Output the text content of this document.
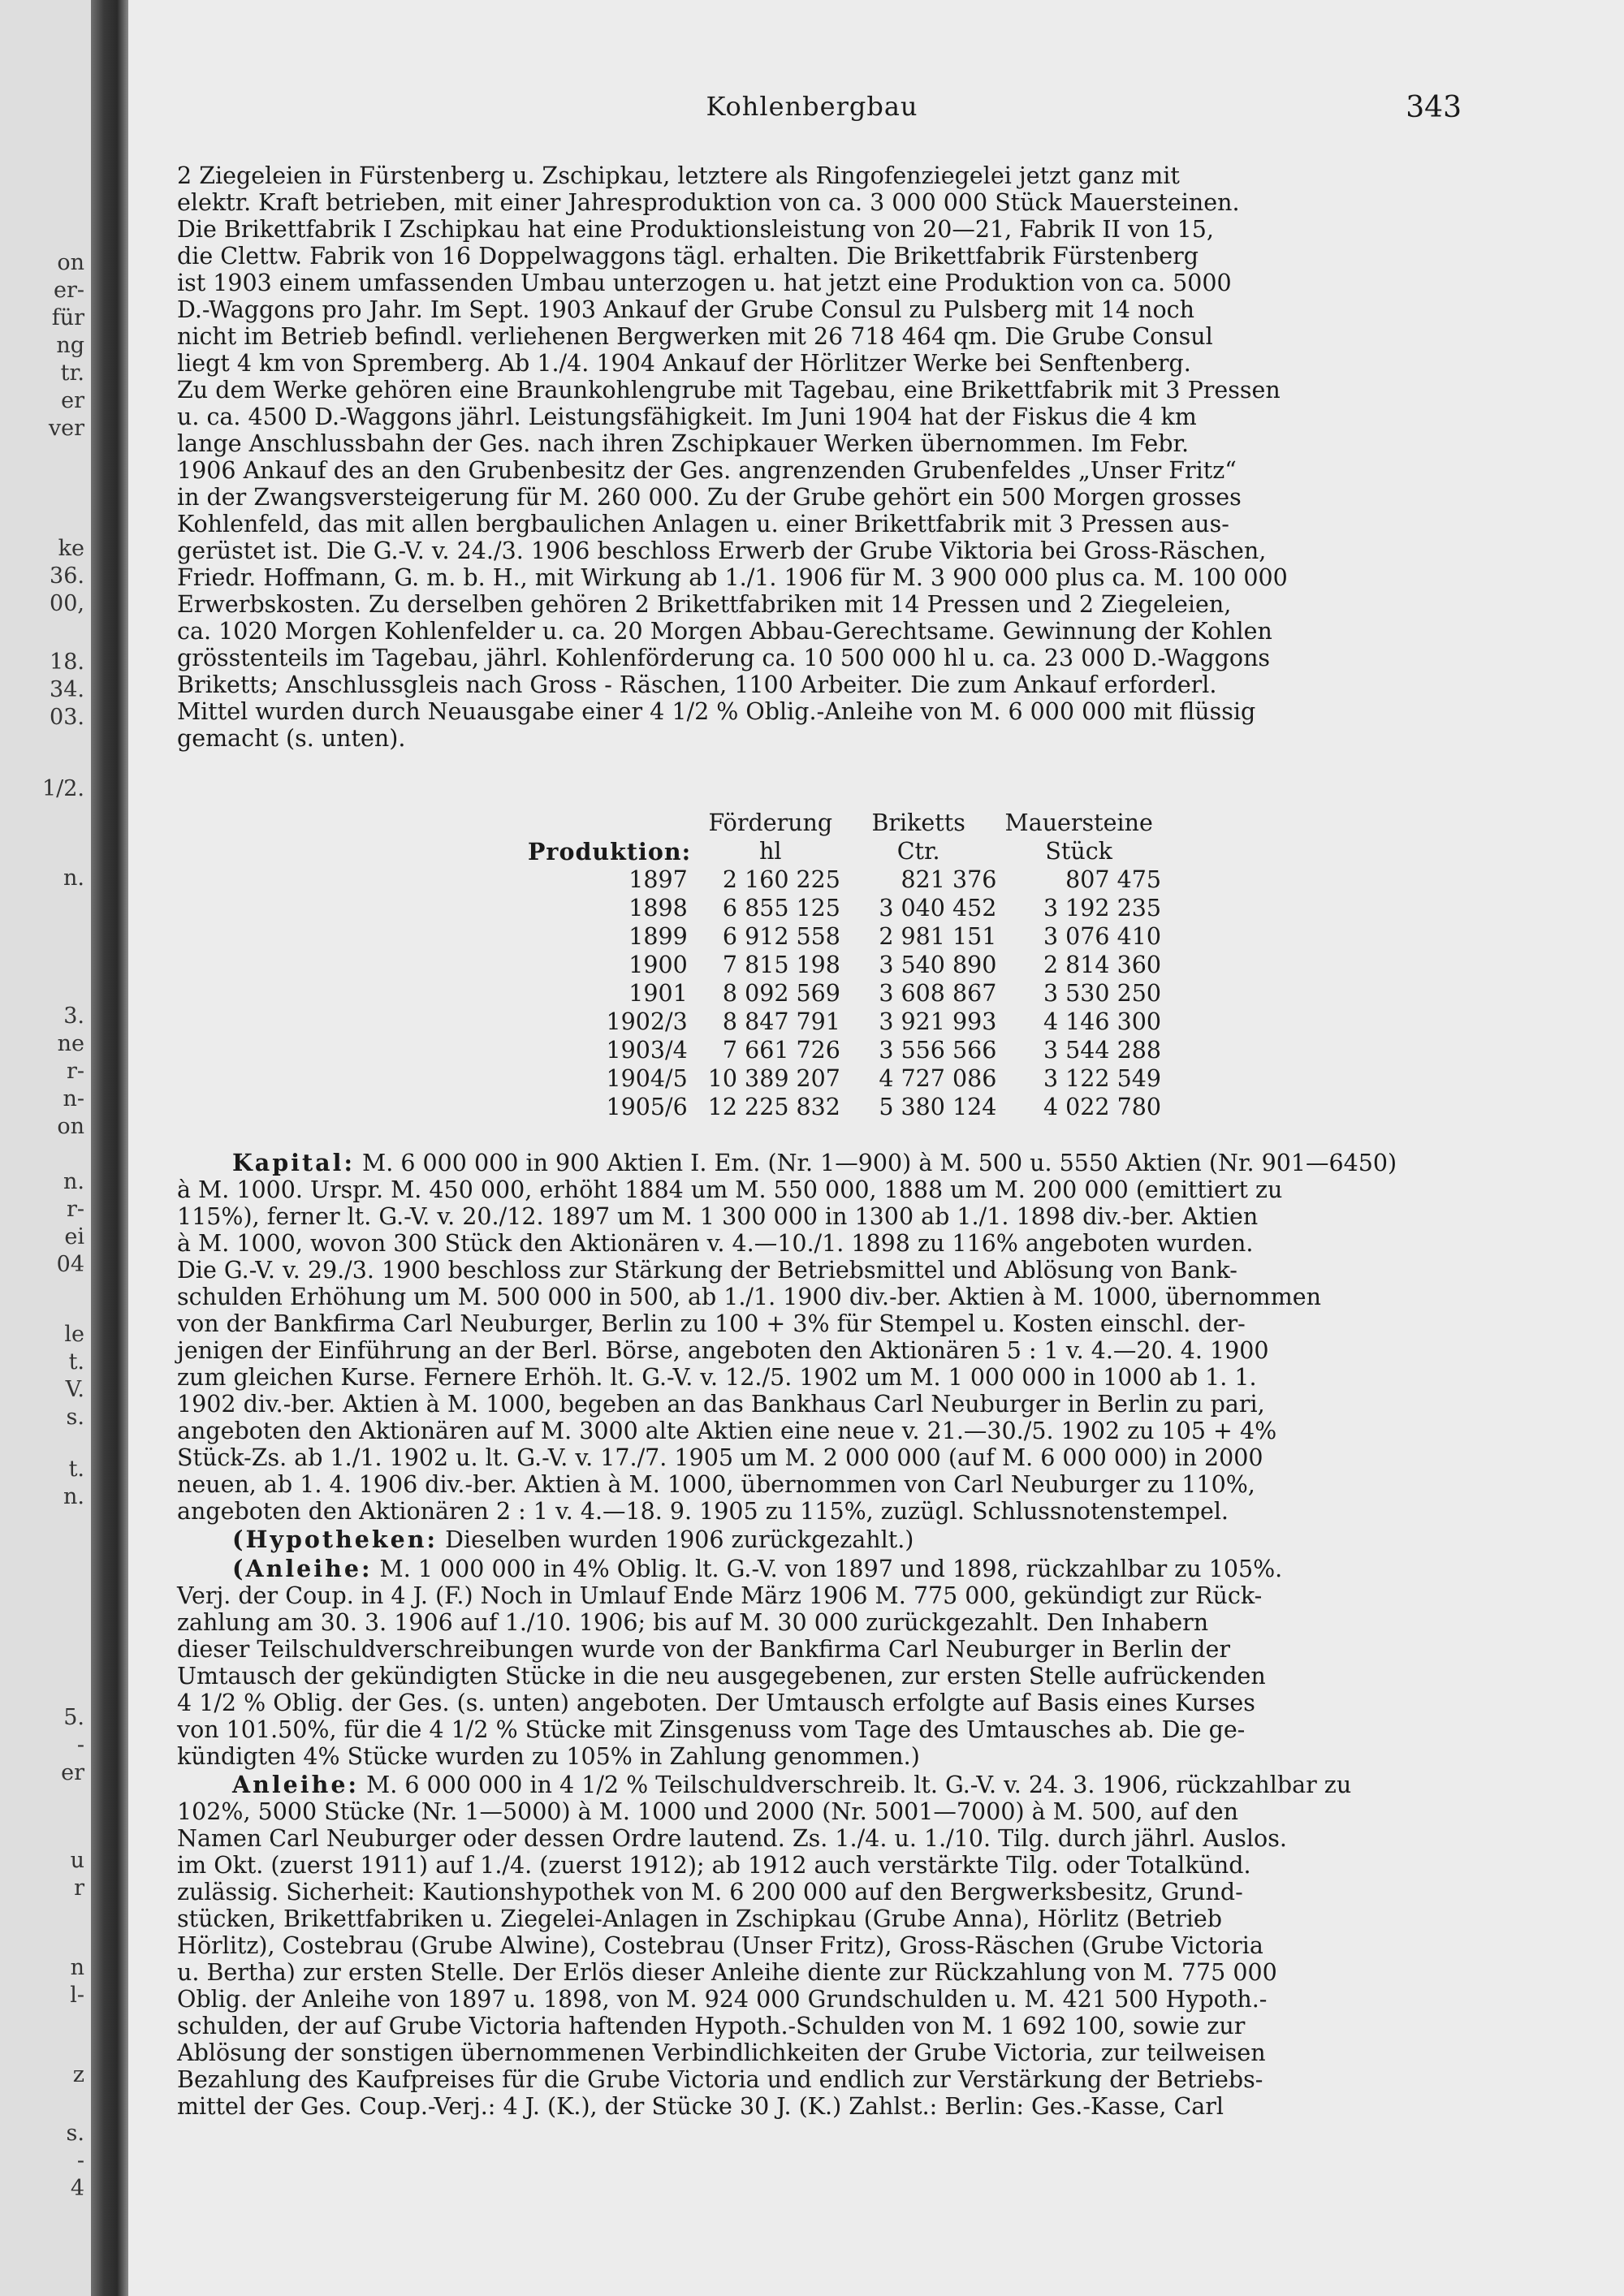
on
er-
für
ng
tr.
er
ver
ke
36.
00,
18.
34.
03.
1/2.
n.
3.
ne
r-
n-
on
n.
r-
ei
04
le
t.
V.
s.
t.
n.
5.
-
er
u
r
n
l-
z
s.
-
4
Kohlenbergbau	343

2 Ziegeleien in Fürstenberg u. Zschipkau, letztere als Ringofenziegelei jetzt ganz mit

elektr. Kraft betrieben, mit einer Jahresproduktion von ca. 3 000 000 Stück Mauersteinen.

Die Brikettfabrik I Zschipkau hat eine Produktionsleistung von 20—21, Fabrik II von 15,

die Clettw. Fabrik von 16 Doppelwaggons tägl. erhalten. Die Brikettfabrik Fürstenberg

ist 1903 einem umfassenden Umbau unterzogen u. hat jetzt eine Produktion von ca. 5000

D.-Waggons pro Jahr. Im Sept. 1903 Ankauf der Grube Consul zu Pulsberg mit 14 noch

nicht im Betrieb befindl. verliehenen Bergwerken mit 26 718 464 qm. Die Grube Consul

liegt 4 km von Spremberg. Ab 1./4. 1904 Ankauf der Hörlitzer Werke bei Senftenberg.

Zu dem Werke gehören eine Braunkohlengrube mit Tagebau, eine Brikettfabrik mit 3 Pressen

u. ca. 4500 D.-Waggons jährl. Leistungsfähigkeit. Im Juni 1904 hat der Fiskus die 4 km

lange Anschlussbahn der Ges. nach ihren Zschipkauer Werken übernommen. Im Febr.

1906 Ankauf des an den Grubenbesitz der Ges. angrenzenden Grubenfeldes „Unser Fritz“

in der Zwangsversteigerung für M. 260 000. Zu der Grube gehört ein 500 Morgen grosses

Kohlenfeld, das mit allen bergbaulichen Anlagen u. einer Brikettfabrik mit 3 Pressen aus-

gerüstet ist. Die G.-V. v. 24./3. 1906 beschloss Erwerb der Grube Viktoria bei Gross-Räschen,

Friedr. Hoffmann, G. m. b. H., mit Wirkung ab 1./1. 1906 für M. 3 900 000 plus ca. M. 100 000

Erwerbskosten. Zu derselben gehören 2 Brikettfabriken mit 14 Pressen und 2 Ziegeleien,

ca. 1020 Morgen Kohlenfelder u. ca. 20 Morgen Abbau-Gerechtsame. Gewinnung der Kohlen

grösstenteils im Tagebau, jährl. Kohlenförderung ca. 10 500 000 hl u. ca. 23 000 D.-Waggons

Briketts; Anschlussgleis nach Gross - Räschen, 1100 Arbeiter. Die zum Ankauf erforderl.

Mittel wurden durch Neuausgabe einer 4 1/2 % Oblig.-Anleihe von M. 6 000 000 mit flüssig

gemacht (s. unten).

	Förderung	Briketts	Mauersteine
Produktion:	hl	Ctr.	Stück
1897	2 160 225	821 376	807 475
1898	6 855 125	3 040 452	3 192 235
1899	6 912 558	2 981 151	3 076 410
1900	7 815 198	3 540 890	2 814 360
1901	8 092 569	3 608 867	3 530 250
1902/3	8 847 791	3 921 993	4 146 300
1903/4	7 661 726	3 556 566	3 544 288
1904/5	10 389 207	4 727 086	3 122 549
1905/6	12 225 832	5 380 124	4 022 780

Kapital: M. 6 000 000 in 900 Aktien I. Em. (Nr. 1—900) à M. 500 u. 5550 Aktien (Nr. 901—6450)

à M. 1000. Urspr. M. 450 000, erhöht 1884 um M. 550 000, 1888 um M. 200 000 (emittiert zu

115%), ferner lt. G.-V. v. 20./12. 1897 um M. 1 300 000 in 1300 ab 1./1. 1898 div.-ber. Aktien

à M. 1000, wovon 300 Stück den Aktionären v. 4.—10./1. 1898 zu 116% angeboten wurden.

Die G.-V. v. 29./3. 1900 beschloss zur Stärkung der Betriebsmittel und Ablösung von Bank-

schulden Erhöhung um M. 500 000 in 500, ab 1./1. 1900 div.-ber. Aktien à M. 1000, übernommen

von der Bankfirma Carl Neuburger, Berlin zu 100 + 3% für Stempel u. Kosten einschl. der-

jenigen der Einführung an der Berl. Börse, angeboten den Aktionären 5 : 1 v. 4.—20. 4. 1900

zum gleichen Kurse. Fernere Erhöh. lt. G.-V. v. 12./5. 1902 um M. 1 000 000 in 1000 ab 1. 1.

1902 div.-ber. Aktien à M. 1000, begeben an das Bankhaus Carl Neuburger in Berlin zu pari,

angeboten den Aktionären auf M. 3000 alte Aktien eine neue v. 21.—30./5. 1902 zu 105 + 4%

Stück-Zs. ab 1./1. 1902 u. lt. G.-V. v. 17./7. 1905 um M. 2 000 000 (auf M. 6 000 000) in 2000

neuen, ab 1. 4. 1906 div.-ber. Aktien à M. 1000, übernommen von Carl Neuburger zu 110%,

angeboten den Aktionären 2 : 1 v. 4.—18. 9. 1905 zu 115%, zuzügl. Schlussnotenstempel.

(Hypotheken: Dieselben wurden 1906 zurückgezahlt.)

(Anleihe: M. 1 000 000 in 4% Oblig. lt. G.-V. von 1897 und 1898, rückzahlbar zu 105%.

Verj. der Coup. in 4 J. (F.) Noch in Umlauf Ende März 1906 M. 775 000, gekündigt zur Rück-

zahlung am 30. 3. 1906 auf 1./10. 1906; bis auf M. 30 000 zurückgezahlt. Den Inhabern

dieser Teilschuldverschreibungen wurde von der Bankfirma Carl Neuburger in Berlin der

Umtausch der gekündigten Stücke in die neu ausgegebenen, zur ersten Stelle aufrückenden

4 1/2 % Oblig. der Ges. (s. unten) angeboten. Der Umtausch erfolgte auf Basis eines Kurses

von 101.50%, für die 4 1/2 % Stücke mit Zinsgenuss vom Tage des Umtausches ab. Die ge-

kündigten 4% Stücke wurden zu 105% in Zahlung genommen.)

Anleihe: M. 6 000 000 in 4 1/2 % Teilschuldverschreib. lt. G.-V. v. 24. 3. 1906, rückzahlbar zu

102%, 5000 Stücke (Nr. 1—5000) à M. 1000 und 2000 (Nr. 5001—7000) à M. 500, auf den

Namen Carl Neuburger oder dessen Ordre lautend. Zs. 1./4. u. 1./10. Tilg. durch jährl. Auslos.

im Okt. (zuerst 1911) auf 1./4. (zuerst 1912); ab 1912 auch verstärkte Tilg. oder Totalkünd.

zulässig. Sicherheit: Kautionshypothek von M. 6 200 000 auf den Bergwerksbesitz, Grund-

stücken, Brikettfabriken u. Ziegelei-Anlagen in Zschipkau (Grube Anna), Hörlitz (Betrieb

Hörlitz), Costebrau (Grube Alwine), Costebrau (Unser Fritz), Gross-Räschen (Grube Victoria

u. Bertha) zur ersten Stelle. Der Erlös dieser Anleihe diente zur Rückzahlung von M. 775 000

Oblig. der Anleihe von 1897 u. 1898, von M. 924 000 Grundschulden u. M. 421 500 Hypoth.-

schulden, der auf Grube Victoria haftenden Hypoth.-Schulden von M. 1 692 100, sowie zur

Ablösung der sonstigen übernommenen Verbindlichkeiten der Grube Victoria, zur teilweisen

Bezahlung des Kaufpreises für die Grube Victoria und endlich zur Verstärkung der Betriebs-

mittel der Ges. Coup.-Verj.: 4 J. (K.), der Stücke 30 J. (K.) Zahlst.: Berlin: Ges.-Kasse, Carl
